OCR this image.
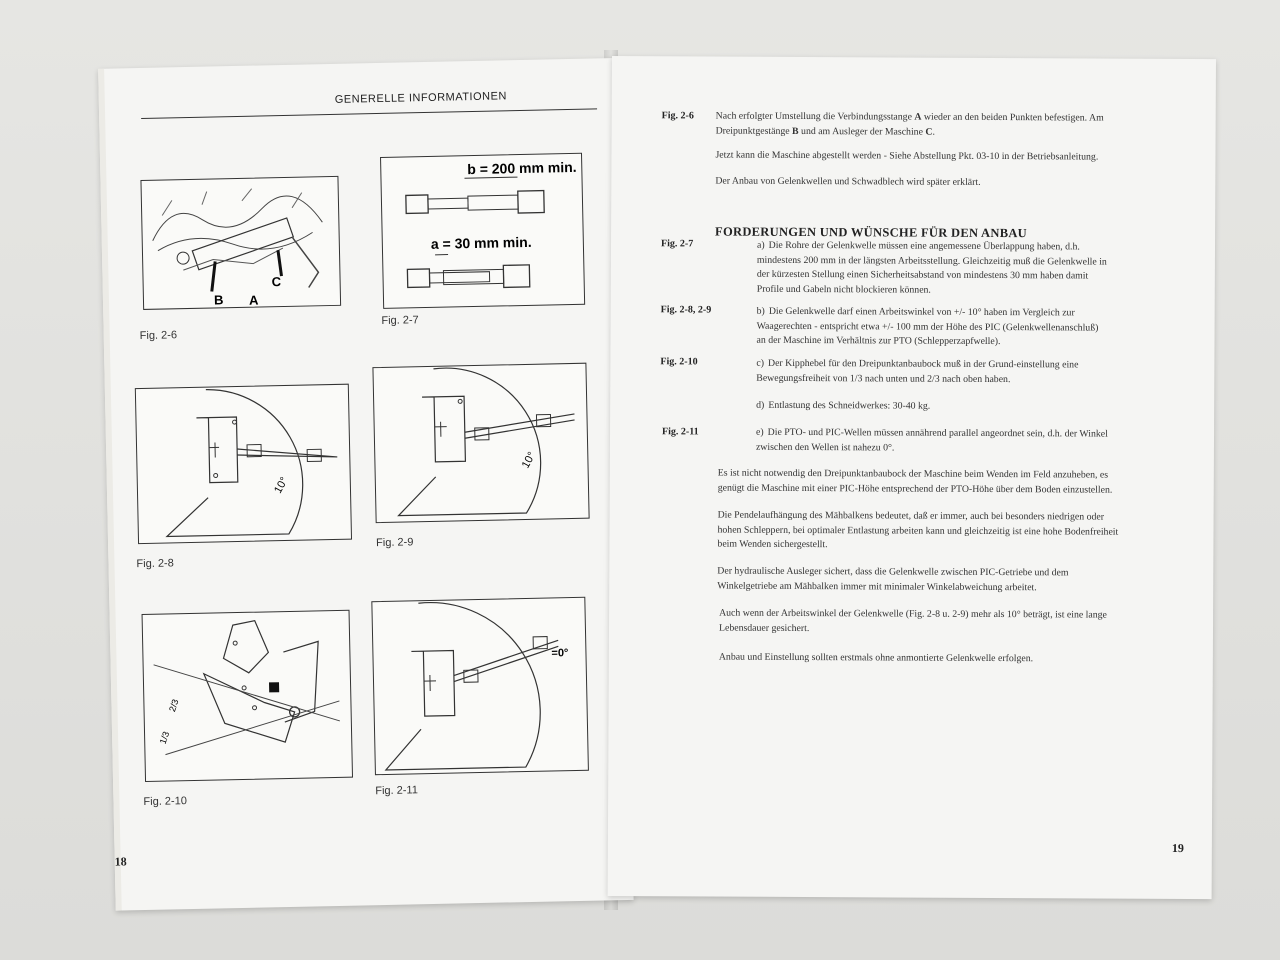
GENERELLE INFORMATIONEN
B A
C
Fig. 2-6
b = 200 mm min.
a = 30 mm min.
Fig. 2-7
10°
Fig. 2-8
10°
Fig. 2-9
2/3
1/3
Fig. 2-10
=0°
Fig. 2-11
18
Fig. 2-6 Nach erfolgter Umstellung die Verbindungsstange A wieder an den beiden Punkten befestigen. Am
Dreipunktgestänge B und am Ausleger der Maschine C.
Jetzt kann die Maschine abgestellt werden - Siehe Abstellung Pkt. 03-10 in der Betriebsanleitung.
Der Anbau von Gelenkwellen und Schwadblech wird später erklärt.
FORDERUNGEN UND WÜNSCHE FÜR DEN ANBAU
Fig. 2-7	a) Die Rohre der Gelenkwelle müssen eine angemessene Überlappung haben, d.h.
mindestens 200 mm in der längsten Arbeitsstellung. Gleichzeitig muß die Gelenkwelle in
der kürzesten Stellung einen Sicherheitsabstand von mindestens 30 mm haben damit
Profile und Gabeln nicht blockieren können.
Fig. 2-8, 2-9	b) Die Gelenkwelle darf einen Arbeitswinkel von +/- 10° haben im Vergleich zur
Waagerechten - entspricht etwa +/- 100 mm der Höhe des PIC (Gelenkwellenanschluß)
an der Maschine im Verhältnis zur PTO (Schlepperzapfwelle).
Fig. 2-10	c) Der Kipphebel für den Dreipunktanbaubock muß in der Grund-einstellung eine
Bewegungsfreiheit von 1/3 nach unten und 2/3 nach oben haben.
d) Entlastung des Schneidwerkes: 30-40 kg.
Fig. 2-11	e) Die PTO- und PIC-Wellen müssen annährend parallel angeordnet sein, d.h. der Winkel
zwischen den Wellen ist nahezu 0°.
Es ist nicht notwendig den Dreipunktanbaubock der Maschine beim Wenden im Feld anzuheben, es
genügt die Maschine mit einer PIC-Höhe entsprechend der PTO-Höhe über dem Boden einzustellen.
Die Pendelaufhängung des Mähbalkens bedeutet, daß er immer, auch bei besonders niedrigen oder
hohen Schleppern, bei optimaler Entlastung arbeiten kann und gleichzeitig ist eine hohe Bodenfreiheit
beim Wenden sichergestellt.
Der hydraulische Ausleger sichert, dass die Gelenkwelle zwischen PIC-Getriebe und dem
Winkelgetriebe am Mähbalken immer mit minimaler Winkelabweichung arbeitet.
Auch wenn der Arbeitswinkel der Gelenkwelle (Fig. 2-8 u. 2-9) mehr als 10° beträgt, ist eine lange
Lebensdauer gesichert.
Anbau und Einstellung sollten erstmals ohne anmontierte Gelenkwelle erfolgen.
19
